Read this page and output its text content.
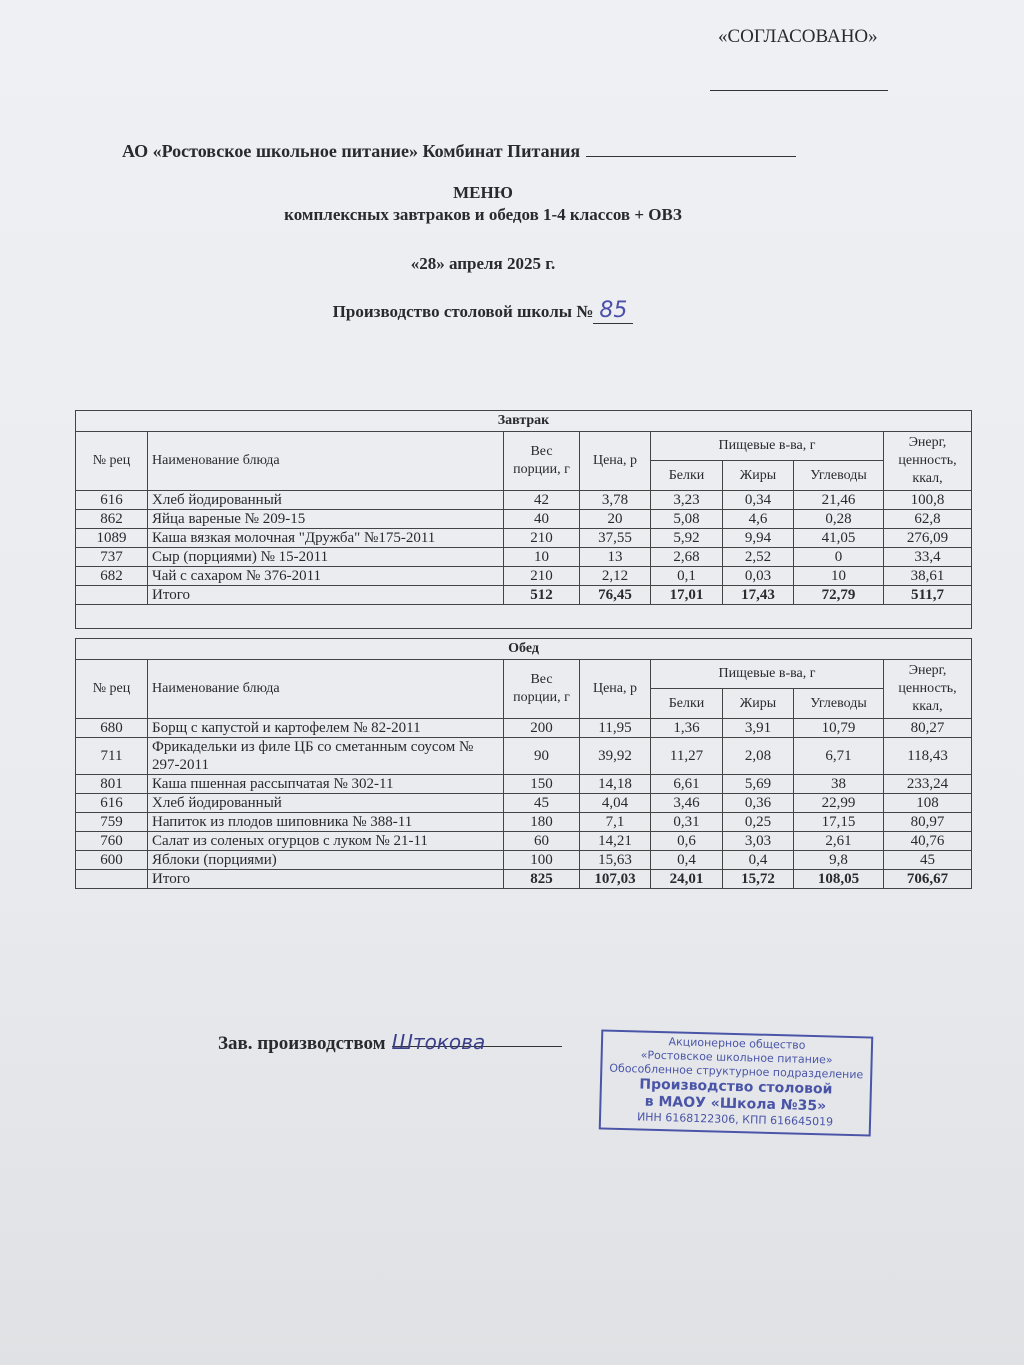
«СОГЛАСОВАНО»
АО «Ростовское школьное питание» Комбинат Питания
МЕНЮ
комплексных завтраков и обедов 1-4 классов + ОВЗ
«28» апреля 2025 г.
Производство столовой школы № 85
Завтрак							
№ рец	Наименование блюда	Вес порции, г	Цена, р	Пищевые в-ва, г			Энерг, ценность, ккал,
				Белки	Жиры	Углеводы	
616	Хлеб йодированный	42	3,78	3,23	0,34	21,46	100,8
862	Яйца вареные № 209-15	40	20	5,08	4,6	0,28	62,8
1089	Каша вязкая молочная "Дружба" №175-2011	210	37,55	5,92	9,94	41,05	276,09
737	Сыр (порциями) № 15-2011	10	13	2,68	2,52	0	33,4
682	Чай с сахаром № 376-2011	210	2,12	0,1	0,03	10	38,61
	Итого	512	76,45	17,01	17,43	72,79	511,7

Обед							
№ рец	Наименование блюда	Вес порции, г	Цена, р	Пищевые в-ва, г			Энерг, ценность, ккал,
				Белки	Жиры	Углеводы	
680	Борщ с капустой и картофелем № 82-2011	200	11,95	1,36	3,91	10,79	80,27
711	Фрикадельки из филе ЦБ со сметанным соусом № 297-2011	90	39,92	11,27	2,08	6,71	118,43
801	Каша пшенная рассыпчатая № 302-11	150	14,18	6,61	5,69	38	233,24
616	Хлеб йодированный	45	4,04	3,46	0,36	22,99	108
759	Напиток из плодов шиповника № 388-11	180	7,1	0,31	0,25	17,15	80,97
760	Салат из соленых огурцов с луком № 21-11	60	14,21	0,6	3,03	2,61	40,76
600	Яблоки (порциями)	100	15,63	0,4	0,4	9,8	45
	Итого	825	107,03	24,01	15,72	108,05	706,67
Зав. производством Штокова	Акционерное общество
«Ростовское школьное питание»
Обособленное структурное подразделение
Производство столовой
в МАОУ «Школа №35»
ИНН 6168122306, КПП 616645019
